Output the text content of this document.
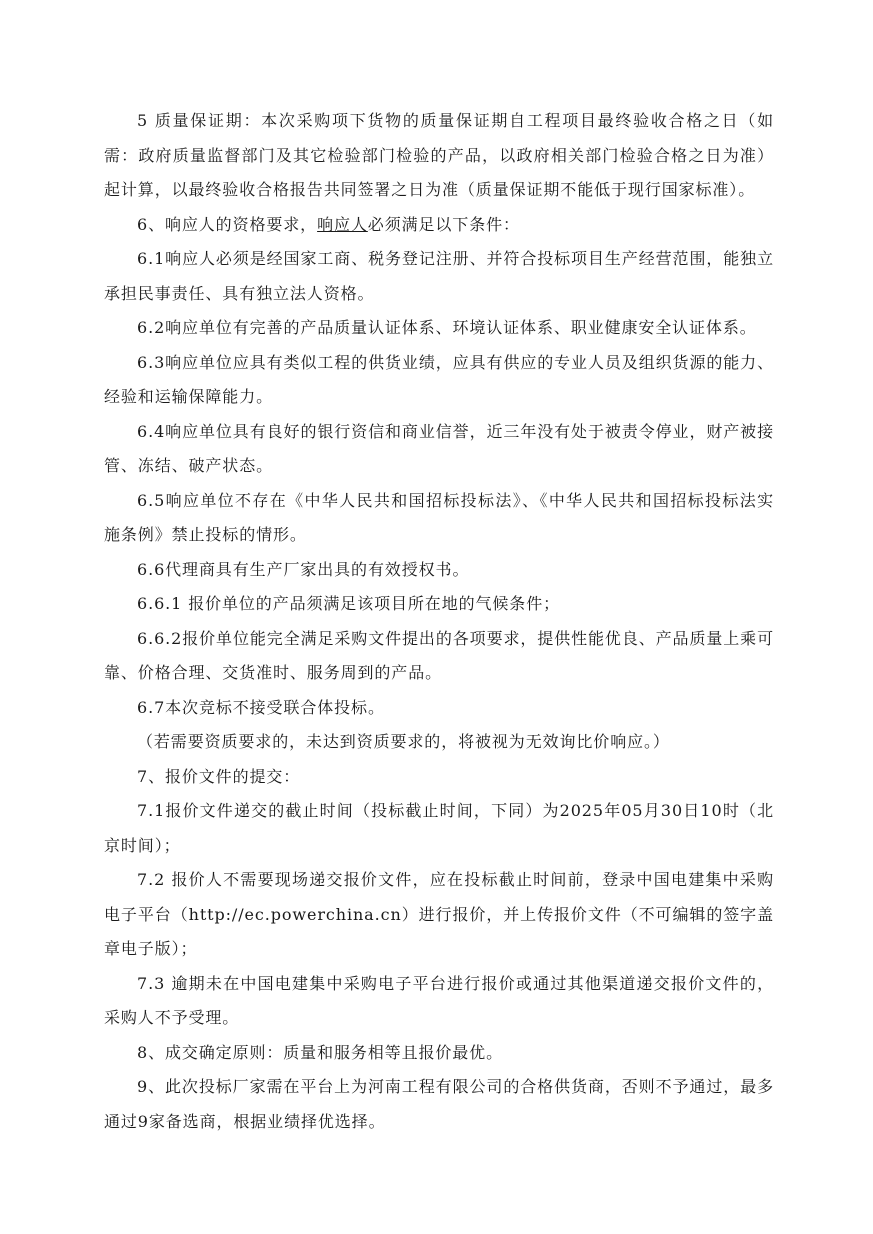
5 质量保证期：本次采购项下货物的质量保证期自工程项目最终验收合格之日（如需：政府质量监督部门及其它检验部门检验的产品，以政府相关部门检验合格之日为准）起计算，以最终验收合格报告共同签署之日为准（质量保证期不能低于现行国家标准）。

6、响应人的资格要求，响应人必须满足以下条件：

6.1响应人必须是经国家工商、税务登记注册、并符合投标项目生产经营范围，能独立承担民事责任、具有独立法人资格。

6.2响应单位有完善的产品质量认证体系、环境认证体系、职业健康安全认证体系。

6.3响应单位应具有类似工程的供货业绩，应具有供应的专业人员及组织货源的能力、经验和运输保障能力。

6.4响应单位具有良好的银行资信和商业信誉，近三年没有处于被责令停业，财产被接管、冻结、破产状态。

6.5响应单位不存在《中华人民共和国招标投标法》、《中华人民共和国招标投标法实施条例》禁止投标的情形。

6.6代理商具有生产厂家出具的有效授权书。

6.6.1 报价单位的产品须满足该项目所在地的气候条件；

6.6.2报价单位能完全满足采购文件提出的各项要求，提供性能优良、产品质量上乘可靠、价格合理、交货准时、服务周到的产品。

6.7本次竞标不接受联合体投标。

（若需要资质要求的，未达到资质要求的，将被视为无效询比价响应。）

7、报价文件的提交：

7.1报价文件递交的截止时间（投标截止时间，下同）为2025年05月30日10时（北京时间）；

7.2 报价人不需要现场递交报价文件，应在投标截止时间前，登录中国电建集中采购电子平台（http://ec.powerchina.cn）进行报价，并上传报价文件（不可编辑的签字盖章电子版）；

7.3 逾期未在中国电建集中采购电子平台进行报价或通过其他渠道递交报价文件的，采购人不予受理。

8、成交确定原则：质量和服务相等且报价最优。

9、此次投标厂家需在平台上为河南工程有限公司的合格供货商，否则不予通过，最多通过9家备选商，根据业绩择优选择。
